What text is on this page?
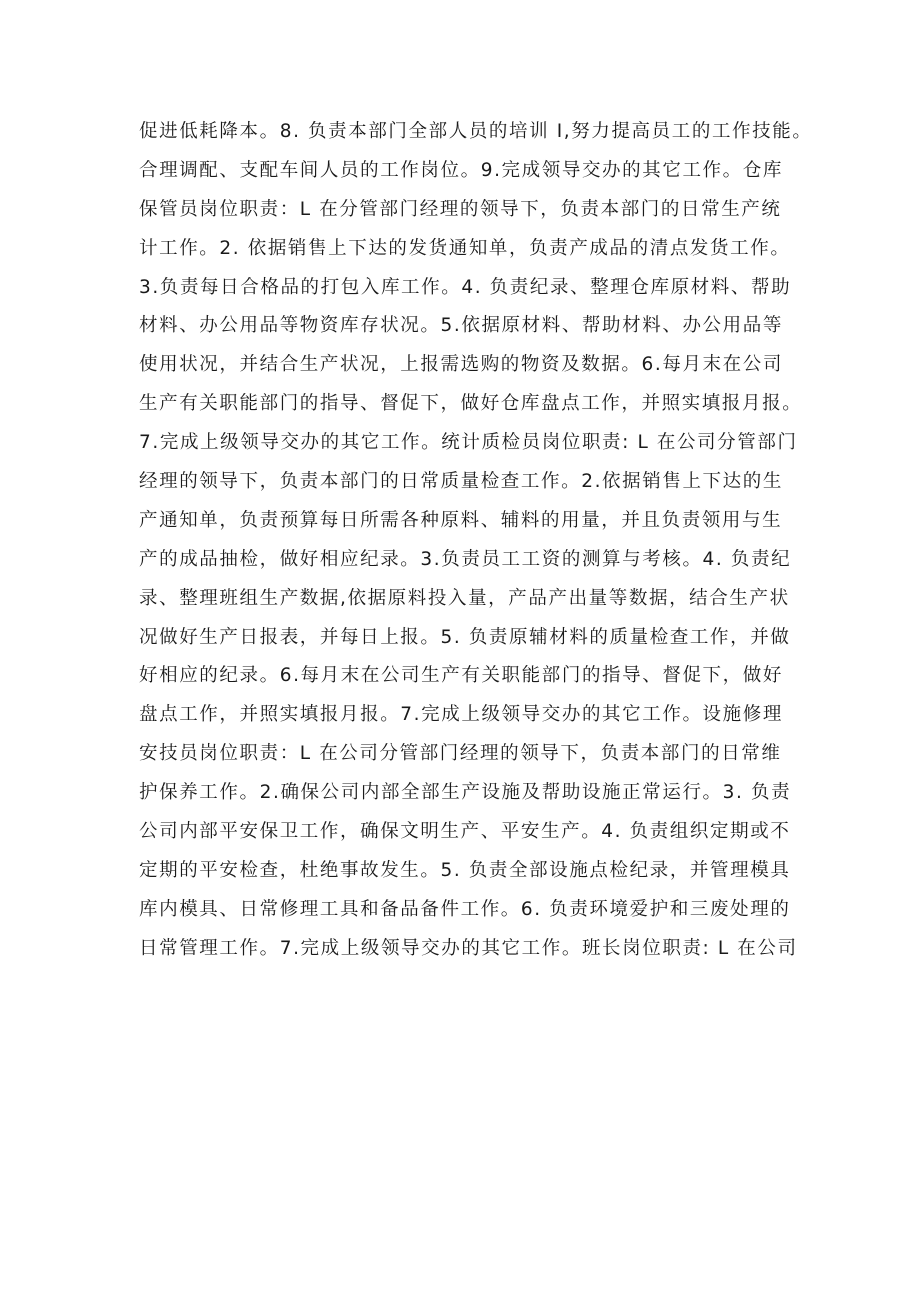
促进低耗降本。8. 负责本部门全部人员的培训 I,努力提高员工的工作技能。
合理调配、支配车间人员的工作岗位。9.完成领导交办的其它工作。仓库
保管员岗位职责：L 在分管部门经理的领导下，负责本部门的日常生产统
计工作。2. 依据销售上下达的发货通知单，负责产成品的清点发货工作。
3.负责每日合格品的打包入库工作。4. 负责纪录、整理仓库原材料、帮助
材料、办公用品等物资库存状况。5.依据原材料、帮助材料、办公用品等
使用状况，并结合生产状况，上报需选购的物资及数据。6.每月末在公司
生产有关职能部门的指导、督促下，做好仓库盘点工作，并照实填报月报。
7.完成上级领导交办的其它工作。统计质检员岗位职责: L 在公司分管部门
经理的领导下，负责本部门的日常质量检查工作。2.依据销售上下达的生
产通知单，负责预算每日所需各种原料、辅料的用量，并且负责领用与生
产的成品抽检，做好相应纪录。3.负责员工工资的测算与考核。4. 负责纪
录、整理班组生产数据,依据原料投入量，产品产出量等数据，结合生产状
况做好生产日报表，并每日上报。5. 负责原辅材料的质量检查工作，并做
好相应的纪录。6.每月末在公司生产有关职能部门的指导、督促下，做好
盘点工作，并照实填报月报。7.完成上级领导交办的其它工作。设施修理
安技员岗位职责：L 在公司分管部门经理的领导下，负责本部门的日常维
护保养工作。2.确保公司内部全部生产设施及帮助设施正常运行。3. 负责
公司内部平安保卫工作，确保文明生产、平安生产。4. 负责组织定期或不
定期的平安检查，杜绝事故发生。5. 负责全部设施点检纪录，并管理模具
库内模具、日常修理工具和备品备件工作。6. 负责环境爱护和三废处理的
日常管理工作。7.完成上级领导交办的其它工作。班长岗位职责: L 在公司
